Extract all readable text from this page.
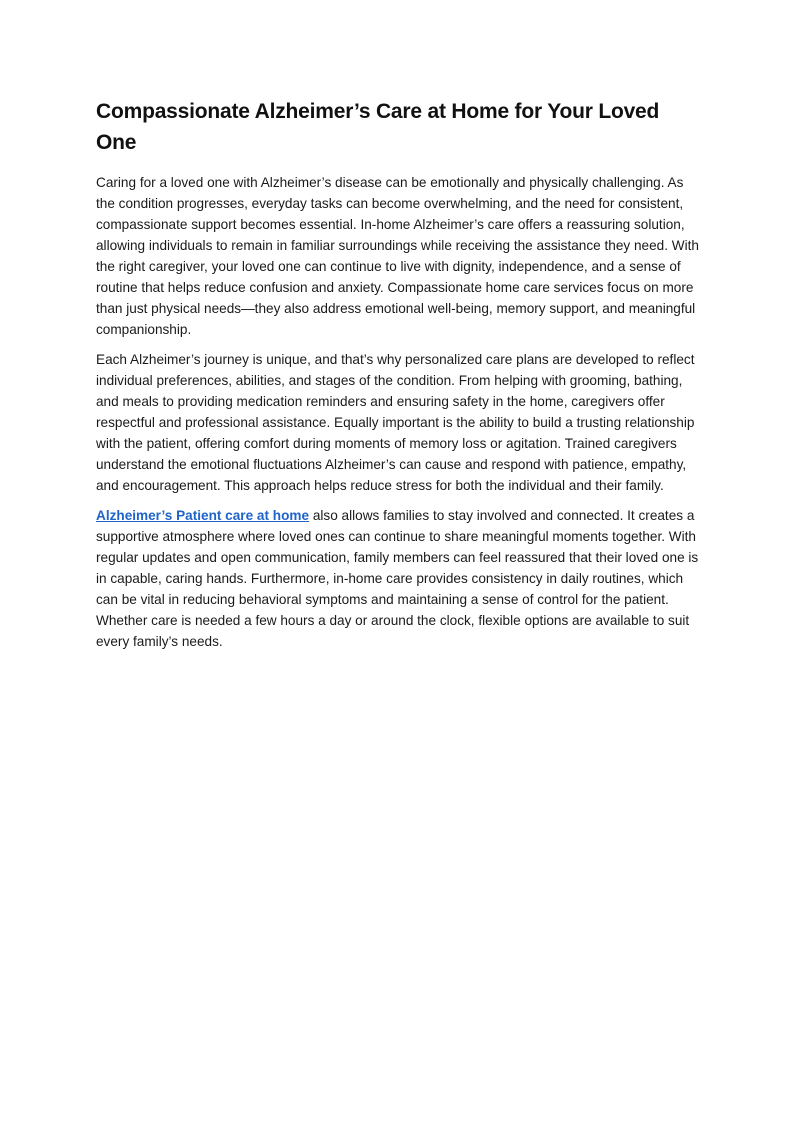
Compassionate Alzheimer’s Care at Home for Your Loved One

Caring for a loved one with Alzheimer’s disease can be emotionally and physically challenging. As the condition progresses, everyday tasks can become overwhelming, and the need for consistent, compassionate support becomes essential. In-home Alzheimer’s care offers a reassuring solution, allowing individuals to remain in familiar surroundings while receiving the assistance they need. With the right caregiver, your loved one can continue to live with dignity, independence, and a sense of routine that helps reduce confusion and anxiety. Compassionate home care services focus on more than just physical needs—they also address emotional well-being, memory support, and meaningful companionship.

Each Alzheimer’s journey is unique, and that’s why personalized care plans are developed to reflect individual preferences, abilities, and stages of the condition. From helping with grooming, bathing, and meals to providing medication reminders and ensuring safety in the home, caregivers offer respectful and professional assistance. Equally important is the ability to build a trusting relationship with the patient, offering comfort during moments of memory loss or agitation. Trained caregivers understand the emotional fluctuations Alzheimer’s can cause and respond with patience, empathy, and encouragement. This approach helps reduce stress for both the individual and their family.

Alzheimer’s Patient care at home also allows families to stay involved and connected. It creates a supportive atmosphere where loved ones can continue to share meaningful moments together. With regular updates and open communication, family members can feel reassured that their loved one is in capable, caring hands. Furthermore, in-home care provides consistency in daily routines, which can be vital in reducing behavioral symptoms and maintaining a sense of control for the patient. Whether care is needed a few hours a day or around the clock, flexible options are available to suit every family’s needs.
